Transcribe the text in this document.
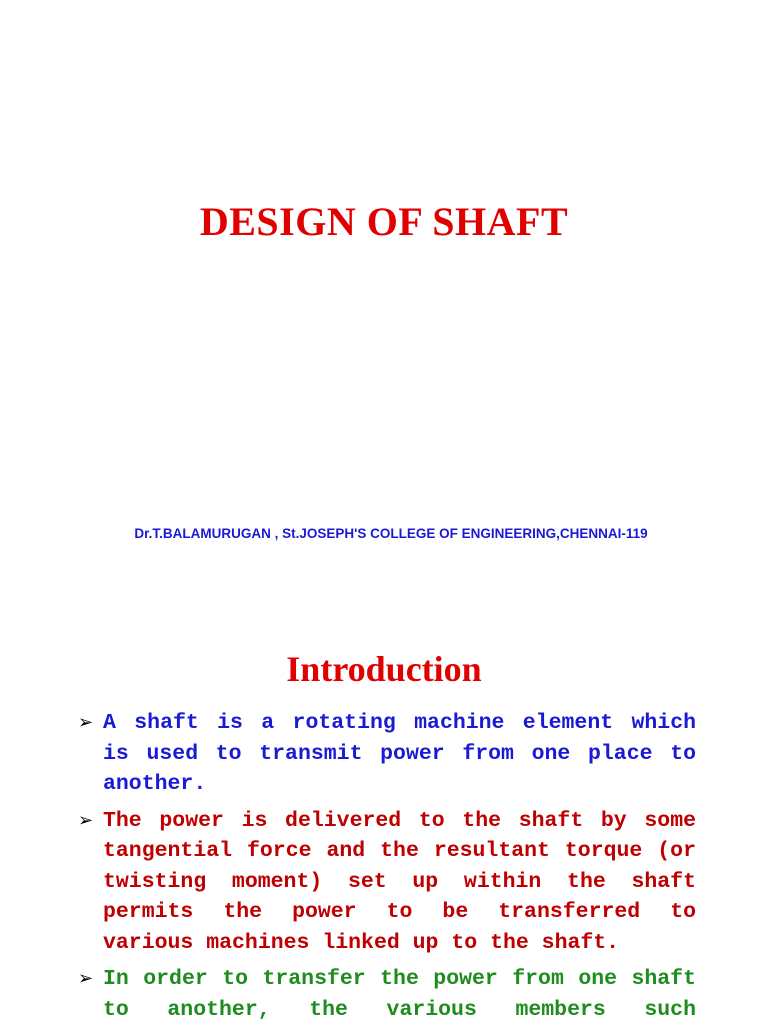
DESIGN OF SHAFT

Dr.T.BALAMURUGAN , St.JOSEPH'S COLLEGE OF ENGINEERING,CHENNAI-119

Introduction
➢ A shaft is a rotating machine element which is used to transmit power from one place to another.
➢ The power is delivered to the shaft by some tangential force and the resultant torque (or twisting moment) set up within the shaft permits the power to be transferred to various machines linked up to the shaft.
➢ In order to transfer the power from one shaft to another, the various members such
